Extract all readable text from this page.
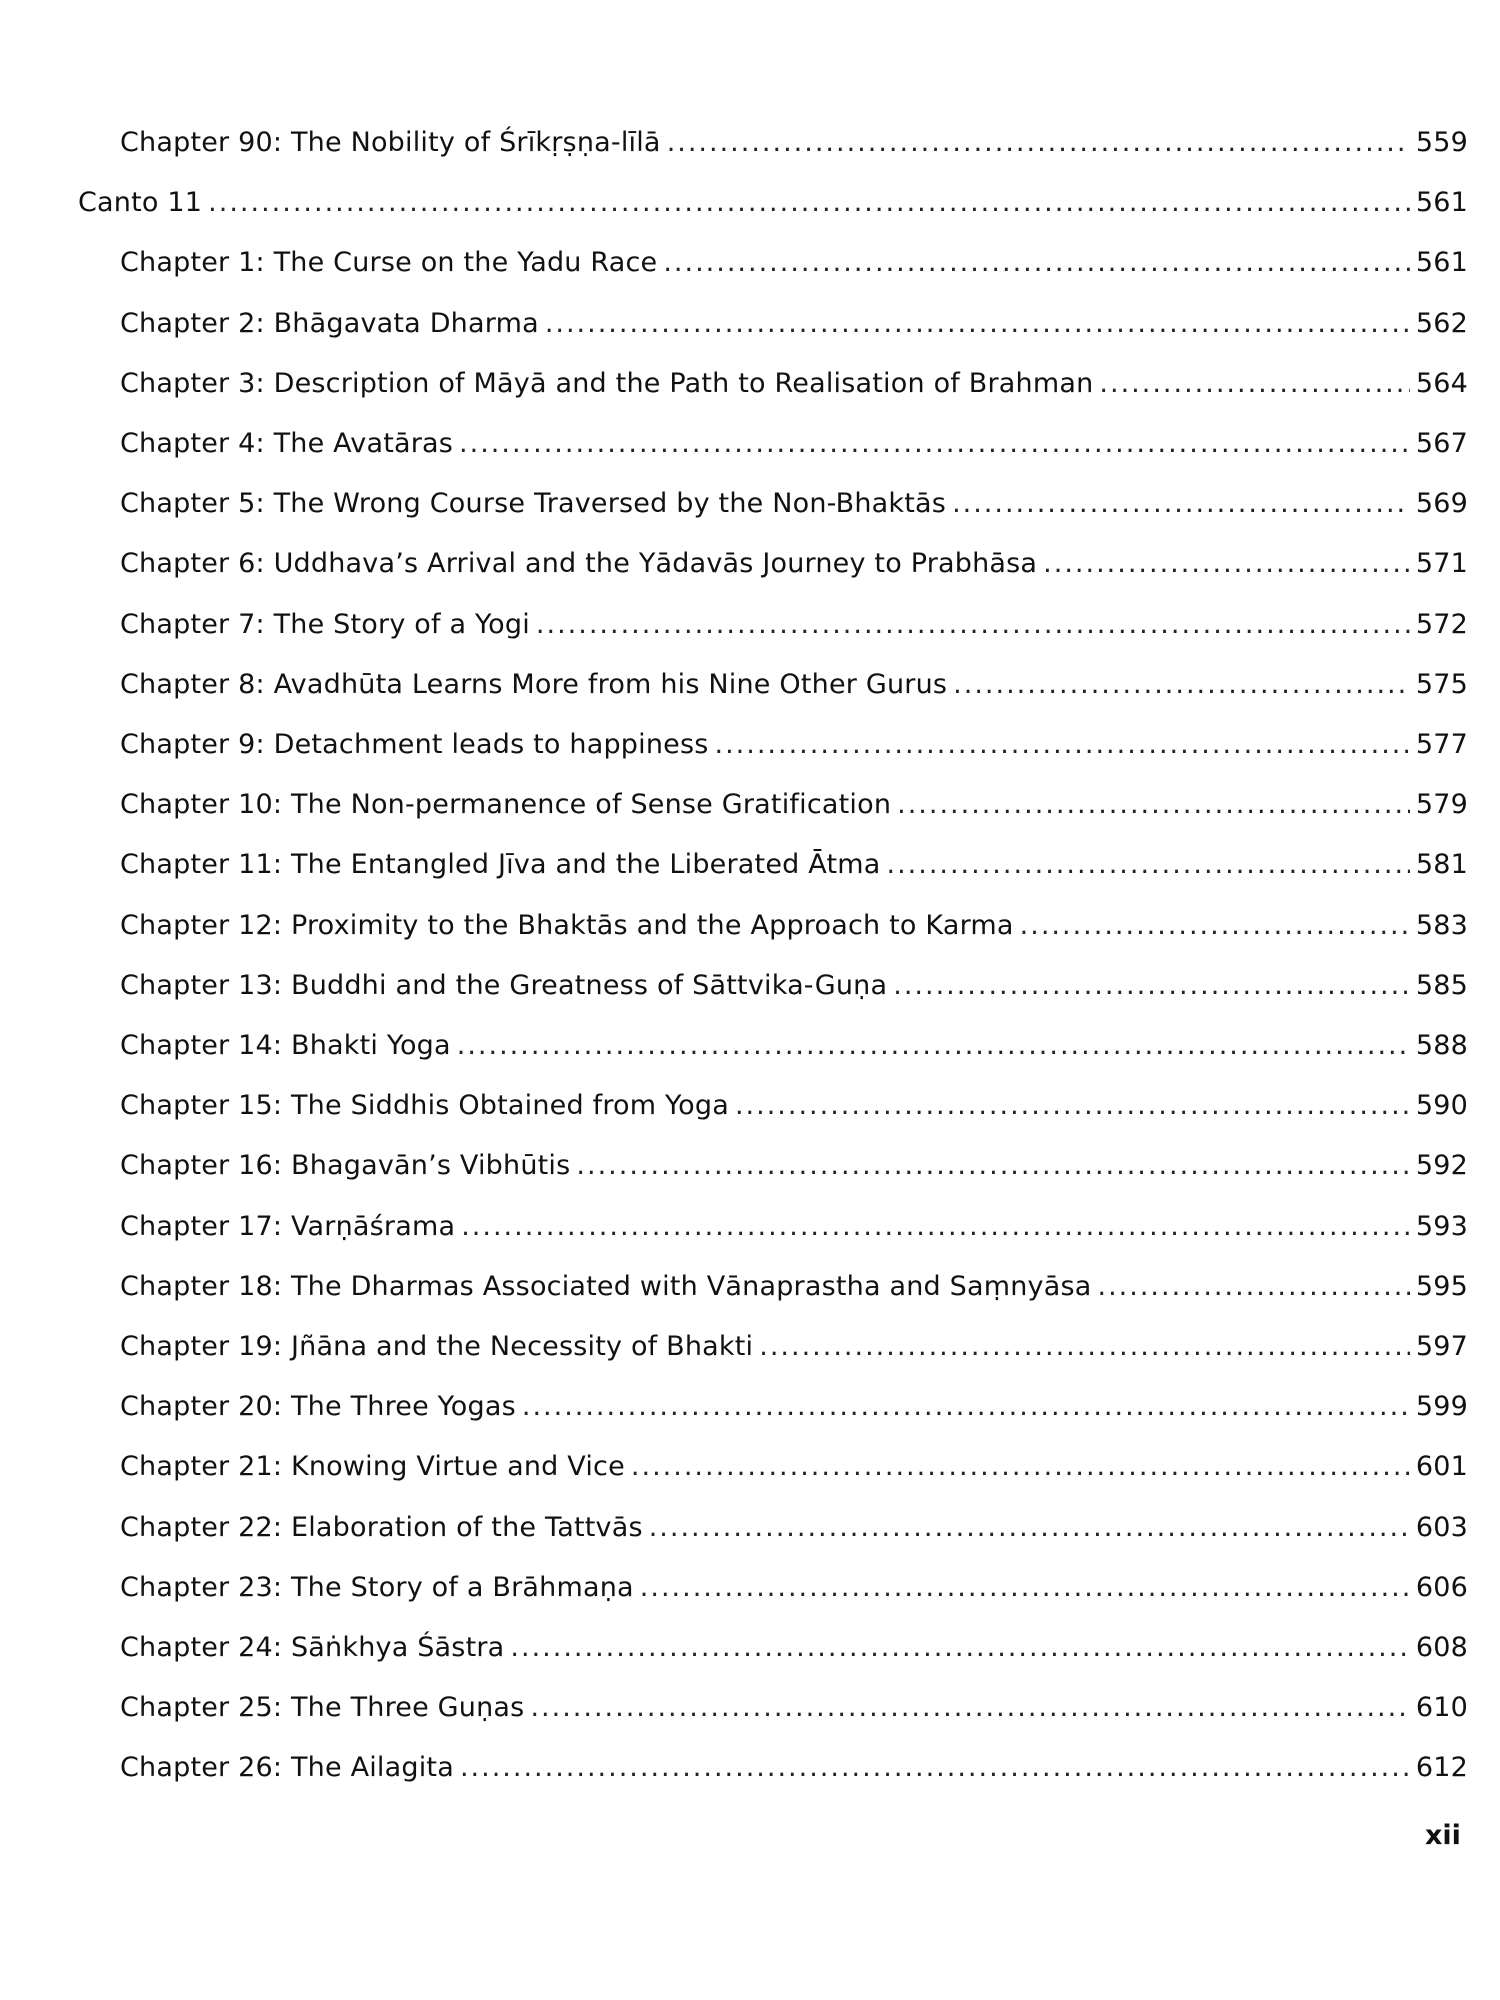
Chapter 90: The Nobility of Śrīkṛṣṇa-līlā .....	559
Canto 11 .....	561
Chapter 1: The Curse on the Yadu Race .....	561
Chapter 2: Bhāgavata Dharma .....	562
Chapter 3: Description of Māyā and the Path to Realisation of Brahman .....	564
Chapter 4: The Avatāras .....	567
Chapter 5: The Wrong Course Traversed by the Non-Bhaktās .....	569
Chapter 6: Uddhava’s Arrival and the Yādavās Journey to Prabhāsa .....	571
Chapter 7: The Story of a Yogi .....	572
Chapter 8: Avadhūta Learns More from his Nine Other Gurus .....	575
Chapter 9: Detachment leads to happiness .....	577
Chapter 10: The Non-permanence of Sense Gratification .....	579
Chapter 11: The Entangled Jīva and the Liberated Ātma .....	581
Chapter 12: Proximity to the Bhaktās and the Approach to Karma .....	583
Chapter 13: Buddhi and the Greatness of Sāttvika-Guṇa .....	585
Chapter 14: Bhakti Yoga .....	588
Chapter 15: The Siddhis Obtained from Yoga .....	590
Chapter 16: Bhagavān’s Vibhūtis .....	592
Chapter 17: Varṇāśrama .....	593
Chapter 18: The Dharmas Associated with Vānaprastha and Saṃnyāsa .....	595
Chapter 19: Jñāna and the Necessity of Bhakti .....	597
Chapter 20: The Three Yogas .....	599
Chapter 21: Knowing Virtue and Vice .....	601
Chapter 22: Elaboration of the Tattvās .....	603
Chapter 23: The Story of a Brāhmaṇa .....	606
Chapter 24: Sāṅkhya Śāstra .....	608
Chapter 25: The Three Guṇas .....	610
Chapter 26: The Ailagita .....	612
xii
